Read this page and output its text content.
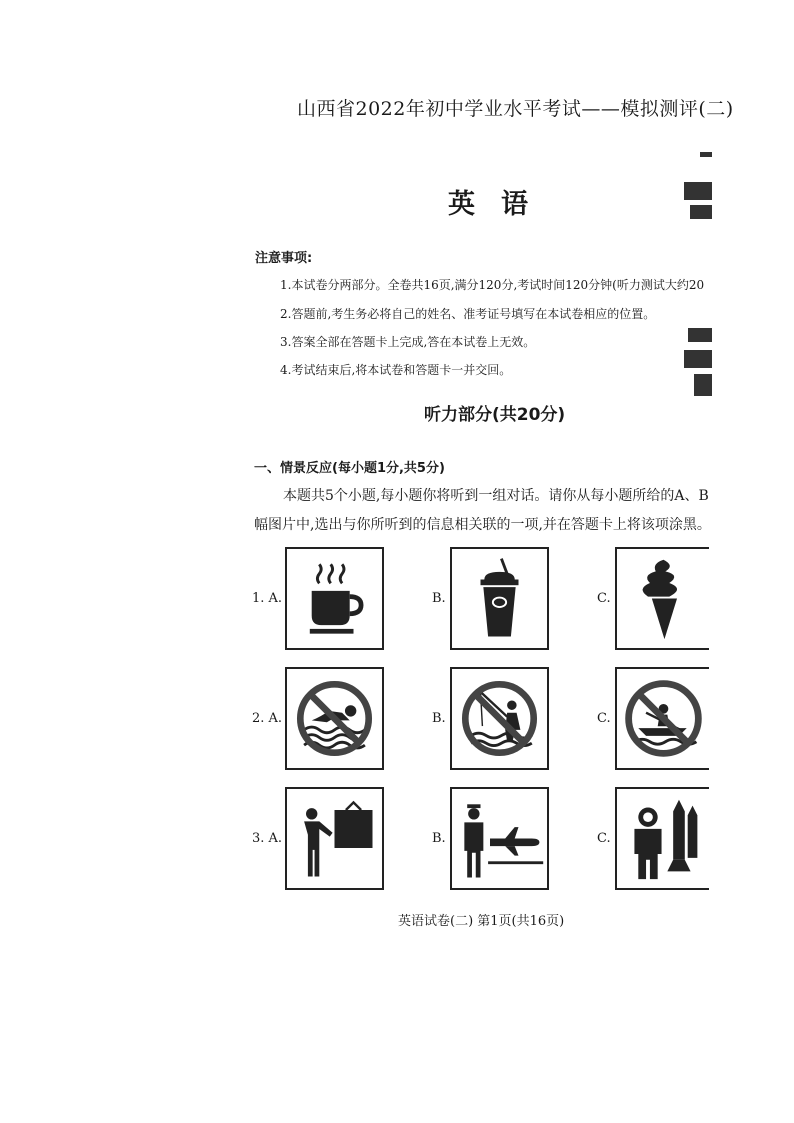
山西省2022年初中学业水平考试——模拟测评(二)
英语
注意事项:
1.本试卷分两部分。全卷共16页,满分120分,考试时间120分钟(听力测试大约20
2.答题前,考生务必将自己的姓名、准考证号填写在本试卷相应的位置。
3.答案全部在答题卡上完成,答在本试卷上无效。
4.考试结束后,将本试卷和答题卡一并交回。
听力部分(共20分)
一、情景反应(每小题1分,共5分)
本题共5个小题,每小题你将听到一组对话。请你从每小题所给的A、B
幅图片中,选出与你所听到的信息相关联的一项,并在答题卡上将该项涂黑。
1. A.	B.	C.
2. A.	B.	C.
3. A.	B.	C.
英语试卷(二) 第1页(共16页)
